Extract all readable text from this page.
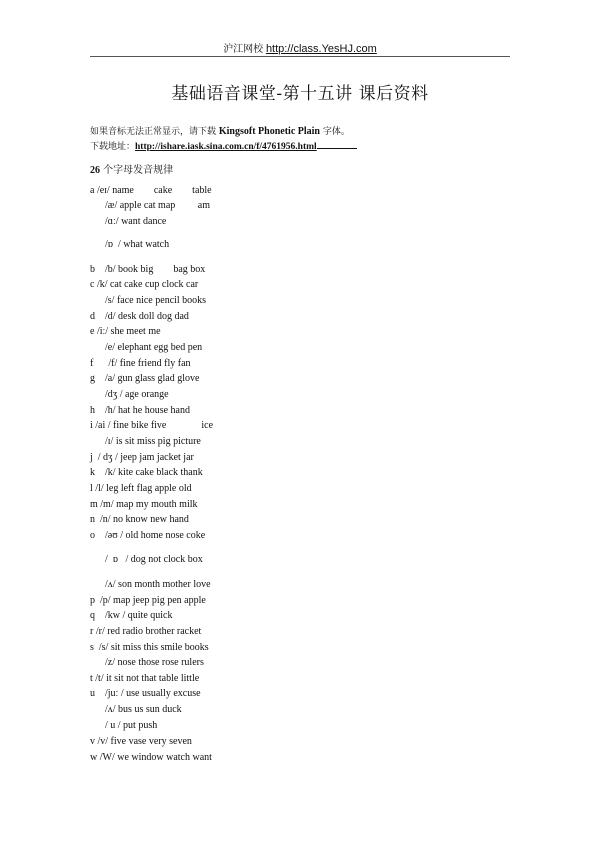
沪江网校 http://class.YesHJ.com
基础语音课堂-第十五讲 课后资料
如果音标无法正常显示，请下载 Kingsoft Phonetic Plain 字体。
下载地址：http://ishare.iask.sina.com.cn/f/4761956.html
26 个字母发音规律
a /eɪ/ name        cake        table
/æ/ apple cat map         am
/ɑː/ want dance
/ɒ  / what watch
b    /b/ book big        bag box
c /k/ cat cake cup clock car
/s/ face nice pencil books
d    /d/ desk doll dog dad
e /iː/ she meet me
/e/ elephant egg bed pen
f      /f/ fine friend fly fan
g    /a/ gun glass glad glove
/dʒ / age orange
h    /h/ hat he house hand
i /ai / fine bike five              ice
/ɪ/ is sit miss pig picture
j  / dʒ / jeep jam jacket jar
k    /k/ kite cake black thank
l /l/ leg left flag apple old
m /m/ map my mouth milk
n  /n/ no know new hand
o    /əʊ / old home nose coke
/  ɒ   / dog not clock box
/ʌ/ son month mother love
p  /p/ map jeep pig pen apple
q    /kw / quite quick
r /r/ red radio brother racket
s  /s/ sit miss this smile books
/z/ nose those rose rulers
t /t/ it sit not that table little
u    /juː / use usually excuse
/ʌ/ bus us sun duck
/ u / put push
v /v/ five vase very seven
w /W/ we window watch want
